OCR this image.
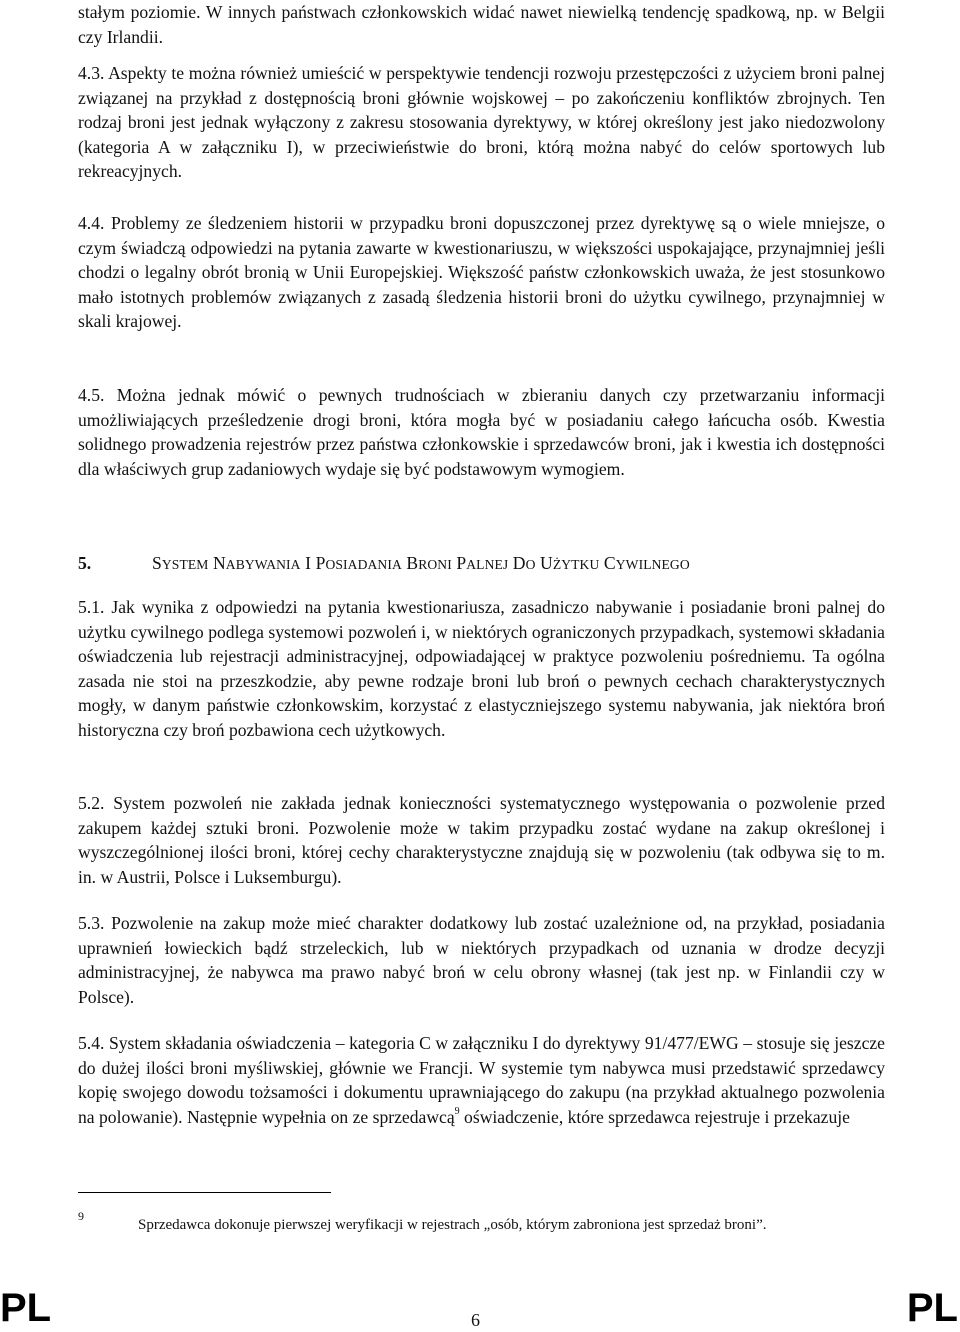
stałym poziomie. W innych państwach członkowskich widać nawet niewielką tendencję spadkową, np. w Belgii czy Irlandii.

4.3. Aspekty te można również umieścić w perspektywie tendencji rozwoju przestępczości z użyciem broni palnej związanej na przykład z dostępnością broni głównie wojskowej – po zakończeniu konfliktów zbrojnych. Ten rodzaj broni jest jednak wyłączony z zakresu stosowania dyrektywy, w której określony jest jako niedozwolony (kategoria A w załączniku I), w przeciwieństwie do broni, którą można nabyć do celów sportowych lub rekreacyjnych.

4.4. Problemy ze śledzeniem historii w przypadku broni dopuszczonej przez dyrektywę są o wiele mniejsze, o czym świadczą odpowiedzi na pytania zawarte w kwestionariuszu, w większości uspokajające, przynajmniej jeśli chodzi o legalny obrót bronią w Unii Europejskiej. Większość państw członkowskich uważa, że jest stosunkowo mało istotnych problemów związanych z zasadą śledzenia historii broni do użytku cywilnego, przynajmniej w skali krajowej.

4.5. Można jednak mówić o pewnych trudnościach w zbieraniu danych czy przetwarzaniu informacji umożliwiających prześledzenie drogi broni, która mogła być w posiadaniu całego łańcucha osób. Kwestia solidnego prowadzenia rejestrów przez państwa członkowskie i sprzedawców broni, jak i kwestia ich dostępności dla właściwych grup zadaniowych wydaje się być podstawowym wymogiem.

5.	SYSTEM NABYWANIA I POSIADANIA BRONI PALNEJ DO UŻYTKU CYWILNEGO

5.1. Jak wynika z odpowiedzi na pytania kwestionariusza, zasadniczo nabywanie i posiadanie broni palnej do użytku cywilnego podlega systemowi pozwoleń i, w niektórych ograniczonych przypadkach, systemowi składania oświadczenia lub rejestracji administracyjnej, odpowiadającej w praktyce pozwoleniu pośredniemu. Ta ogólna zasada nie stoi na przeszkodzie, aby pewne rodzaje broni lub broń o pewnych cechach charakterystycznych mogły, w danym państwie członkowskim, korzystać z elastyczniejszego systemu nabywania, jak niektóra broń historyczna czy broń pozbawiona cech użytkowych.

5.2. System pozwoleń nie zakłada jednak konieczności systematycznego występowania o pozwolenie przed zakupem każdej sztuki broni. Pozwolenie może w takim przypadku zostać wydane na zakup określonej i wyszczególnionej ilości broni, której cechy charakterystyczne znajdują się w pozwoleniu (tak odbywa się to m. in. w Austrii, Polsce i Luksemburgu).

5.3. Pozwolenie na zakup może mieć charakter dodatkowy lub zostać uzależnione od, na przykład, posiadania uprawnień łowieckich bądź strzeleckich, lub w niektórych przypadkach od uznania w drodze decyzji administracyjnej, że nabywca ma prawo nabyć broń w celu obrony własnej (tak jest np. w Finlandii czy w Polsce).

5.4. System składania oświadczenia – kategoria C w załączniku I do dyrektywy 91/477/EWG – stosuje się jeszcze do dużej ilości broni myśliwskiej, głównie we Francji. W systemie tym nabywca musi przedstawić sprzedawcy kopię swojego dowodu tożsamości i dokumentu uprawniającego do zakupu (na przykład aktualnego pozwolenia na polowanie). Następnie wypełnia on ze sprzedawcą$^9$ oświadczenie, które sprzedawca rejestruje i przekazuje

9
Sprzedawca dokonuje pierwszej weryfikacji w rejestrach „osób, którym zabroniona jest sprzedaż broni”.
PL	6	PL
